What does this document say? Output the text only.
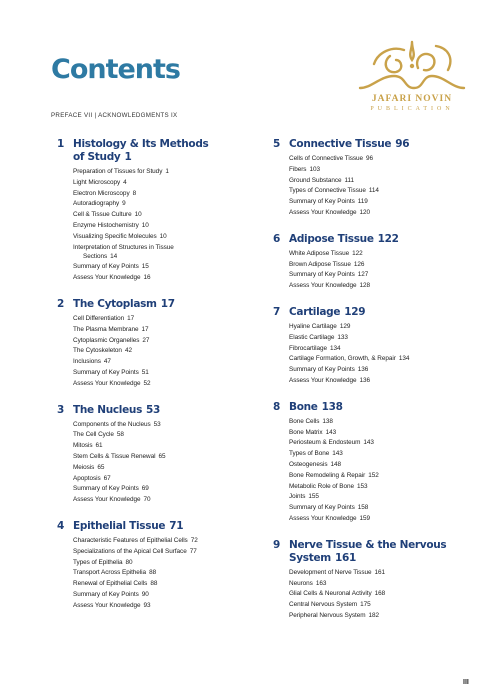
Contents
PREFACE VII | ACKNOWLEDGMENTS IX
JAFARI NOVIN
PUBLICATION
1 Histology & Its Methods
of Study 1
Preparation of Tissues for Study 1
Light Microscopy 4
Electron Microscopy 8
Autoradiography 9
Cell & Tissue Culture 10
Enzyme Histochemistry 10
Visualizing Specific Molecules 10
Interpretation of Structures in Tissue
Sections 14
Summary of Key Points 15
Assess Your Knowledge 16
2 The Cytoplasm 17
Cell Differentiation 17
The Plasma Membrane 17
Cytoplasmic Organelles 27
The Cytoskeleton 42
Inclusions 47
Summary of Key Points 51
Assess Your Knowledge 52
3 The Nucleus 53
Components of the Nucleus 53
The Cell Cycle 58
Mitosis 61
Stem Cells & Tissue Renewal 65
Meiosis 65
Apoptosis 67
Summary of Key Points 69
Assess Your Knowledge 70
4 Epithelial Tissue 71
Characteristic Features of Epithelial Cells 72
Specializations of the Apical Cell Surface 77
Types of Epithelia 80
Transport Across Epithelia 88
Renewal of Epithelial Cells 88
Summary of Key Points 90
Assess Your Knowledge 93
5 Connective Tissue 96
Cells of Connective Tissue 96
Fibers 103
Ground Substance 111
Types of Connective Tissue 114
Summary of Key Points 119
Assess Your Knowledge 120
6 Adipose Tissue 122
White Adipose Tissue 122
Brown Adipose Tissue 126
Summary of Key Points 127
Assess Your Knowledge 128
7 Cartilage 129
Hyaline Cartilage 129
Elastic Cartilage 133
Fibrocartilage 134
Cartilage Formation, Growth, & Repair 134
Summary of Key Points 136
Assess Your Knowledge 136
8 Bone 138
Bone Cells 138
Bone Matrix 143
Periosteum & Endosteum 143
Types of Bone 143
Osteogenesis 148
Bone Remodeling & Repair 152
Metabolic Role of Bone 153
Joints 155
Summary of Key Points 158
Assess Your Knowledge 159
9 Nerve Tissue & the Nervous
System 161
Development of Nerve Tissue 161
Neurons 163
Glial Cells & Neuronal Activity 168
Central Nervous System 175
Peripheral Nervous System 182
III
